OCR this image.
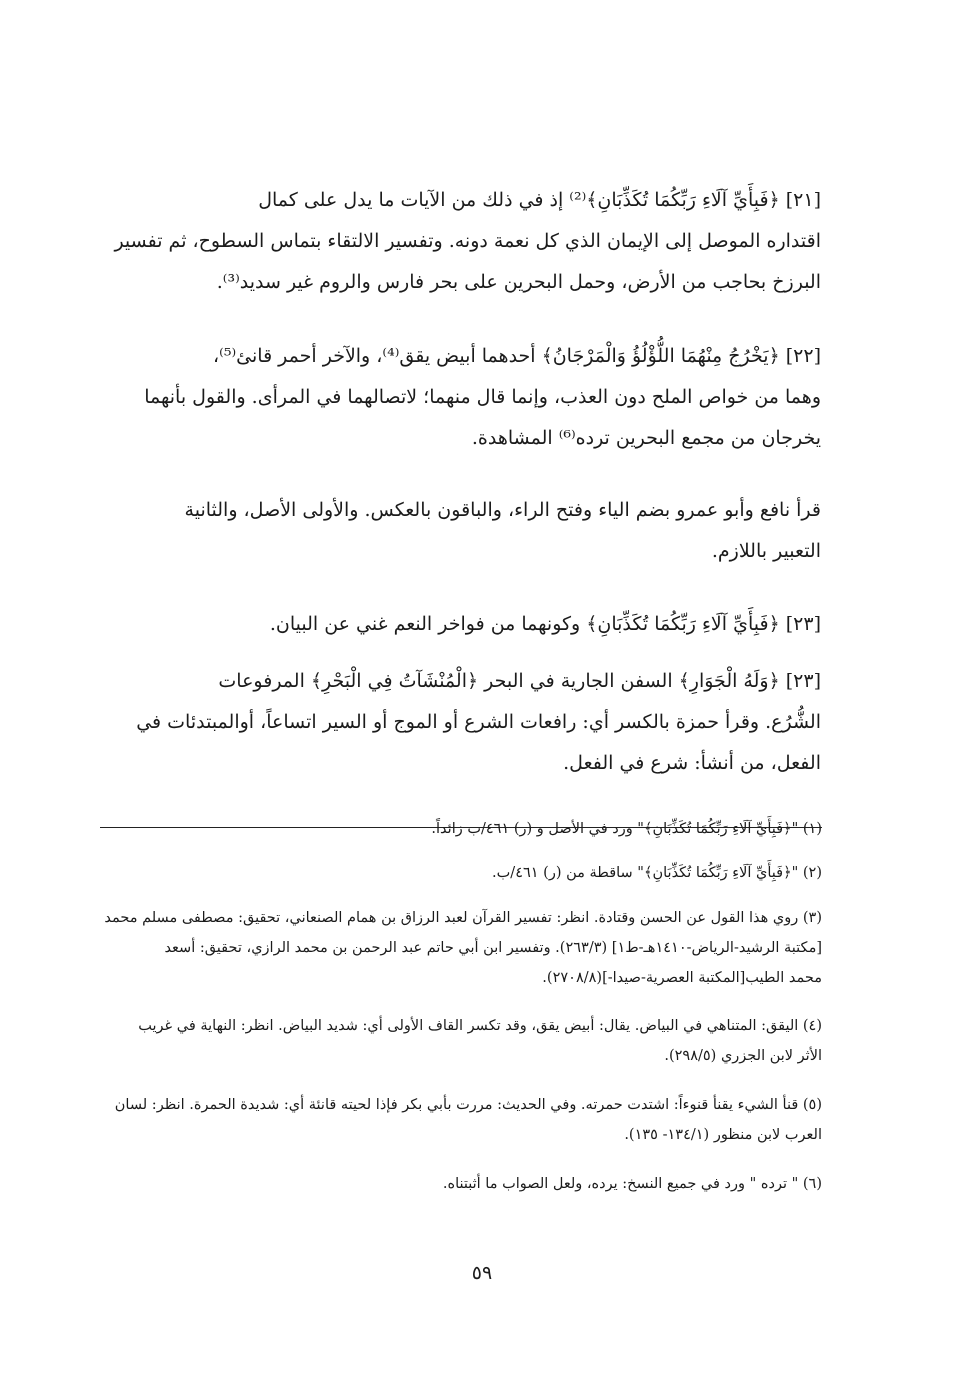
[٢١] ﴿فَبِأَيِّ آلَاءِ رَبِّكُمَا تُكَذِّبَانِ﴾⁽²⁾ إذ في ذلك من الآيات ما يدل على كمال
اقتداره الموصل إلى الإيمان الذي كل نعمة دونه. وتفسير الالتقاء بتماس السطوح، ثم تفسير
البرزخ بحاجب من الأرض، وحمل البحرين على بحر فارس والروم غير سديد⁽³⁾.
[٢٢] ﴿يَخْرُجُ مِنْهُمَا اللُّؤْلُؤُ وَالْمَرْجَانُ﴾ أحدهما أبيض يقق⁽⁴⁾، والآخر أحمر قانئ⁽⁵⁾،
وهما من خواص الملح دون العذب، وإنما قال منهما؛ لاتصالهما في المرأى. والقول بأنهما
يخرجان من مجمع البحرين ترده⁽⁶⁾ المشاهدة.
قرأ نافع وأبو عمرو بضم الياء وفتح الراء، والباقون بالعكس. والأولى الأصل، والثانية
التعبير باللازم.
[٢٣] ﴿فَبِأَيِّ آلَاءِ رَبِّكُمَا تُكَذِّبَانِ﴾ وكونهما من فواخر النعم غني عن البيان.
[٢٣] ﴿وَلَهُ الْجَوَارِ﴾ السفن الجارية في البحر ﴿الْمُنْشَآتُ فِي الْبَحْرِ﴾ المرفوعات
الشُّرُع. وقرأ حمزة بالكسر أي: رافعات الشرع أو الموج أو السير اتساعاً، أوالمبتدئات في
الفعل، من أنشأ: شرع في الفعل.
(١) "﴿فَبِأَيِّ آلَاءِ رَبِّكُمَا تُكَذِّبَانِ﴾" ورد في الأصل و (ر) ٤٦١/ب زائداً.
(٢) "﴿فَبِأَيِّ آلَاءِ رَبِّكُمَا تُكَذِّبَانِ﴾" ساقطة من (ر) ٤٦١/ب.
(٣) روي هذا القول عن الحسن وقتادة. انظر: تفسير القرآن لعبد الرزاق بن همام الصنعاني، تحقيق: مصطفى مسلم محمد
[مكتبة الرشيد-الرياض-١٤١٠هـ-ط١] (٢٦٣/٣). وتفسير ابن أبي حاتم عبد الرحمن بن محمد الرازي، تحقيق: أسعد
محمد الطيب[المكتبة العصرية-صيدا-](٢٧٠٨/٨).
(٤) اليقق: المتناهي في البياض. يقال: أبيض يقق، وقد تكسر القاف الأولى أي: شديد البياض. انظر: النهاية في غريب
الأثر لابن الجزري (٢٩٨/٥).
(٥) قنأ الشيء يقنأ قنوءاً: اشتدت حمرته. وفي الحديث: مررت بأبي بكر فإذا لحيته قانئة أي: شديدة الحمرة. انظر: لسان
العرب لابن منظور (١٣٤/١- ١٣٥).
(٦) " ترده " ورد في جميع النسخ: يرده، ولعل الصواب ما أثبتناه.
٥٩
